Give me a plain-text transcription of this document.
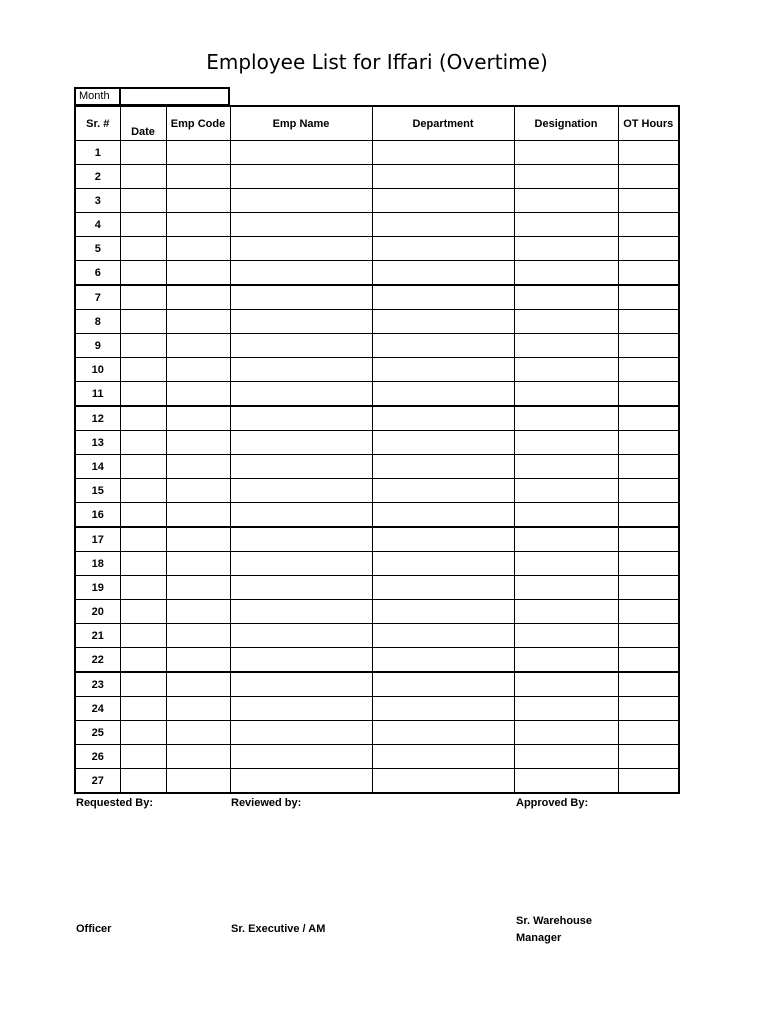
Employee List for Iffari (Overtime)
Month
Sr. #	Date	Emp Code	Emp Name	Department	Designation	OT Hours
1						
2						
3						
4						
5						
6						
7						
8						
9						
10						
11						
12						
13						
14						
15						
16						
17						
18						
19						
20						
21						
22						
23						
24						
25						
26						
27						
Requested By:	Reviewed by:	Approved By:
Officer	Sr. Executive / AM
Sr. Warehouse
Manager
